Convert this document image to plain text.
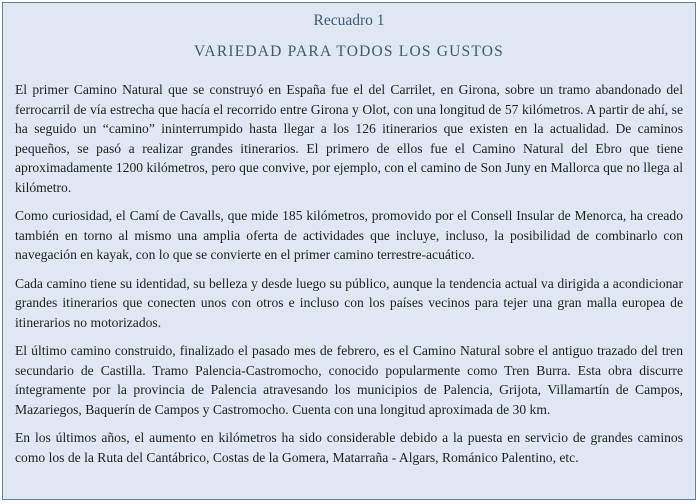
Recuadro 1

VARIEDAD PARA TODOS LOS GUSTOS

El primer Camino Natural que se construyó en España fue el del Carrilet, en Girona, sobre un tramo abandonado del ferrocarril de vía estrecha que hacía el recorrido entre Girona y Olot, con una longitud de 57 kilómetros. A partir de ahí, se ha seguido un “camino” ininterrumpido hasta llegar a los 126 itinerarios que existen en la actualidad. De caminos pequeños, se pasó a realizar grandes itinerarios. El primero de ellos fue el Camino Natural del Ebro que tiene aproximadamente 1200 kilómetros, pero que convive, por ejemplo, con el camino de Son Juny en Mallorca que no llega al kilómetro.

Como curiosidad, el Camí de Cavalls, que mide 185 kilómetros, promovido por el Consell Insular de Menorca, ha creado también en torno al mismo una amplia oferta de actividades que incluye, incluso, la posibilidad de combinarlo con navegación en kayak, con lo que se convierte en el primer camino terrestre-acuático.

Cada camino tiene su identidad, su belleza y desde luego su público, aunque la tendencia actual va dirigida a acondicionar grandes itinerarios que conecten unos con otros e incluso con los países vecinos para tejer una gran malla europea de itinerarios no motorizados.

El último camino construido, finalizado el pasado mes de febrero, es el Camino Natural sobre el antiguo trazado del tren secundario de Castilla. Tramo Palencia-Castromocho, conocido popularmente como Tren Burra. Esta obra discurre íntegramente por la provincia de Palencia atravesando los municipios de Palencia, Grijota, Villamartín de Campos, Mazariegos, Baquerín de Campos y Castromocho. Cuenta con una longitud aproximada de 30 km.

En los últimos años, el aumento en kilómetros ha sido considerable debido a la puesta en servicio de grandes caminos como los de la Ruta del Cantábrico, Costas de la Gomera, Matarraña - Algars, Románico Palentino, etc.
